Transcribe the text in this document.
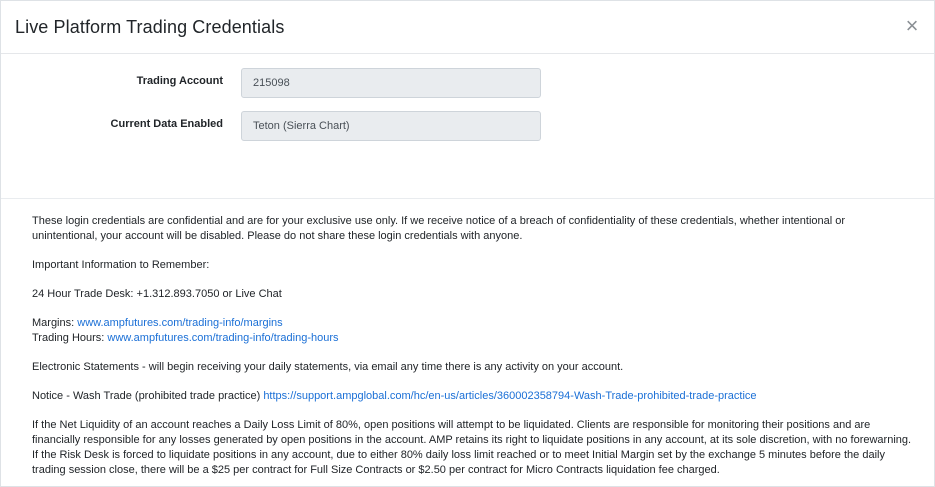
Live Platform Trading Credentials	×
Trading Account	215098
Current Data Enabled	Teton (Sierra Chart)

These login credentials are confidential and are for your exclusive use only. If we receive notice of a breach of confidentiality of these credentials, whether intentional or unintentional, your account will be disabled. Please do not share these login credentials with anyone.

Important Information to Remember:

24 Hour Trade Desk: +1.312.893.7050 or Live Chat

Margins: www.ampfutures.com/trading-info/margins
Trading Hours: www.ampfutures.com/trading-info/trading-hours

Electronic Statements - will begin receiving your daily statements, via email any time there is any activity on your account.

Notice - Wash Trade (prohibited trade practice) https://support.ampglobal.com/hc/en-us/articles/360002358794-Wash-Trade-prohibited-trade-practice

If the Net Liquidity of an account reaches a Daily Loss Limit of 80%, open positions will attempt to be liquidated. Clients are responsible for monitoring their positions and are financially responsible for any losses generated by open positions in the account. AMP retains its right to liquidate positions in any account, at its sole discretion, with no forewarning. If the Risk Desk is forced to liquidate positions in any account, due to either 80% daily loss limit reached or to meet Initial Margin set by the exchange 5 minutes before the daily trading session close, there will be a $25 per contract for Full Size Contracts or $2.50 per contract for Micro Contracts liquidation fee charged.
